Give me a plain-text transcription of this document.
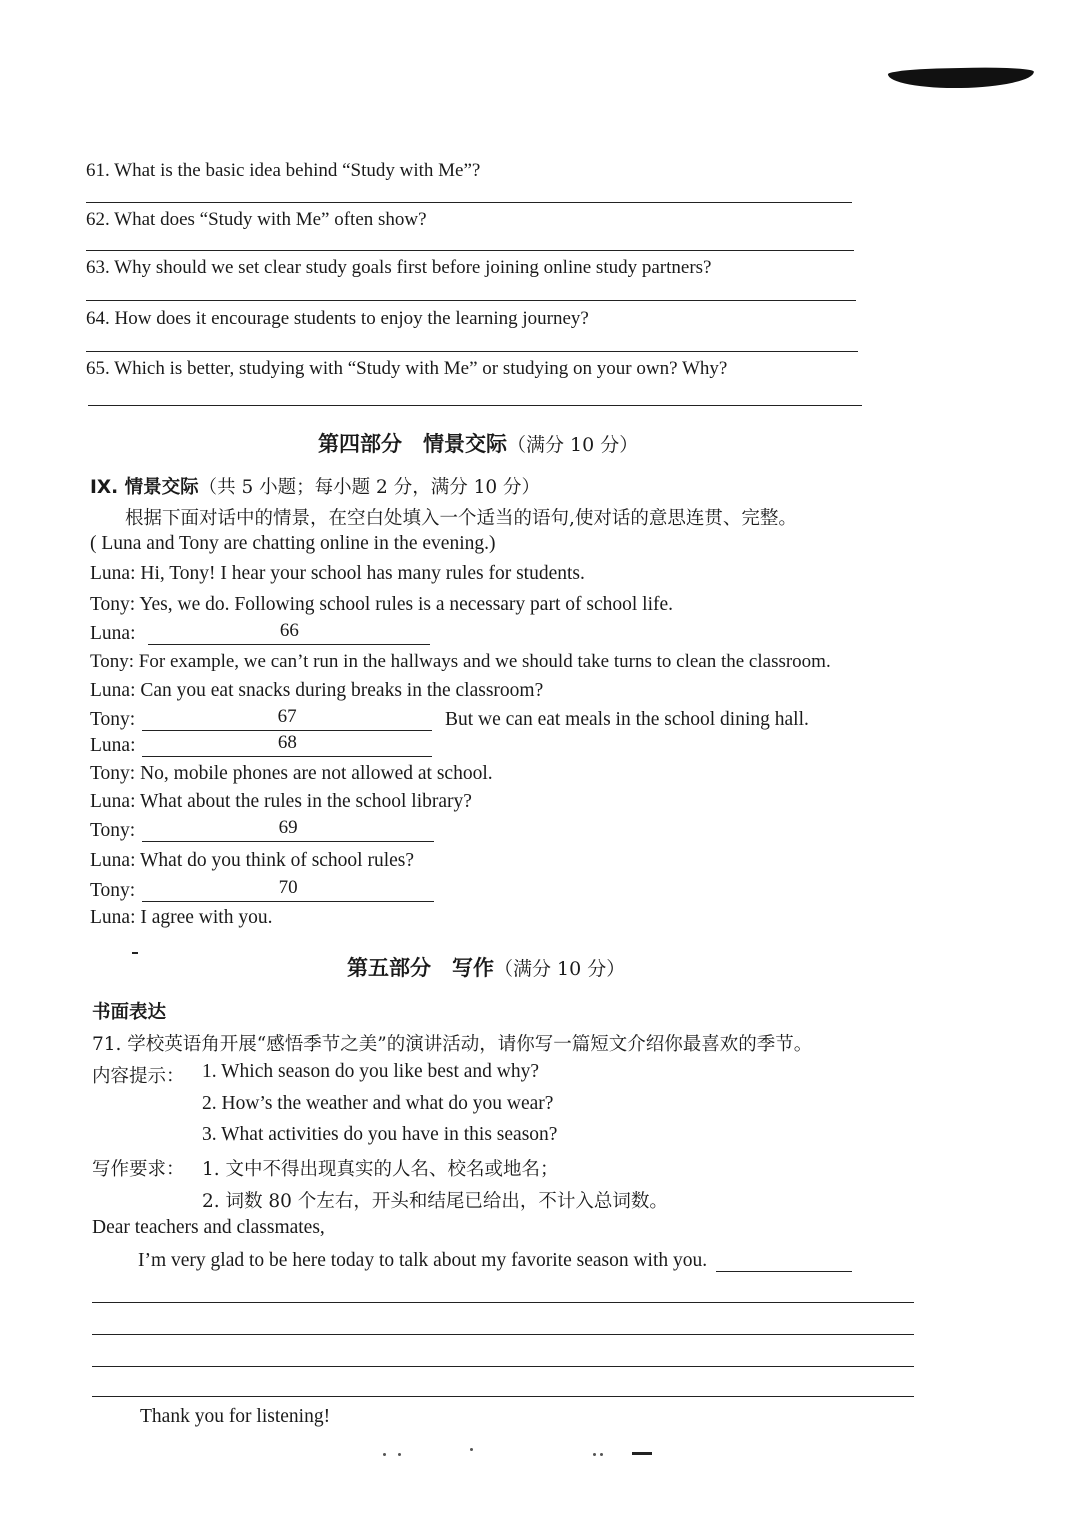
61. What is the basic idea behind “Study with Me”?
62. What does “Study with Me” often show?
63. Why should we set clear study goals first before joining online study partners?
64. How does it encourage students to enjoy the learning journey?
65. Which is better, studying with “Study with Me” or studying on your own? Why?
第四部分　情景交际（满分 10 分）
IX. 情景交际（共 5 小题；每小题 2 分，满分 10 分）
根据下面对话中的情景，在空白处填入一个适当的语句,使对话的意思连贯、完整。
( Luna and Tony are chatting online in the evening.)
Luna: Hi, Tony! I hear your school has many rules for students.
Tony: Yes, we do. Following school rules is a necessary part of school life.
Luna:	66
Tony: For example, we can’t run in the hallways and we should take turns to clean the classroom.
Luna: Can you eat snacks during breaks in the classroom?
Tony:	67	But we can eat meals in the school dining hall.
Luna:	68
Tony: No, mobile phones are not allowed at school.
Luna: What about the rules in the school library?
Tony:	69
Luna: What do you think of school rules?
Tony:	70
Luna: I agree with you.
第五部分　写作（满分 10 分）
书面表达
71. 学校英语角开展“感悟季节之美”的演讲活动，请你写一篇短文介绍你最喜欢的季节。
内容提示： 1. Which season do you like best and why?
2. How’s the weather and what do you wear?
3. What activities do you have in this season?
写作要求： 1. 文中不得出现真实的人名、校名或地名；
2. 词数 80 个左右，开头和结尾已给出，不计入总词数。
Dear teachers and classmates,
I’m very glad to be here today to talk about my favorite season with you.
Thank you for listening!
